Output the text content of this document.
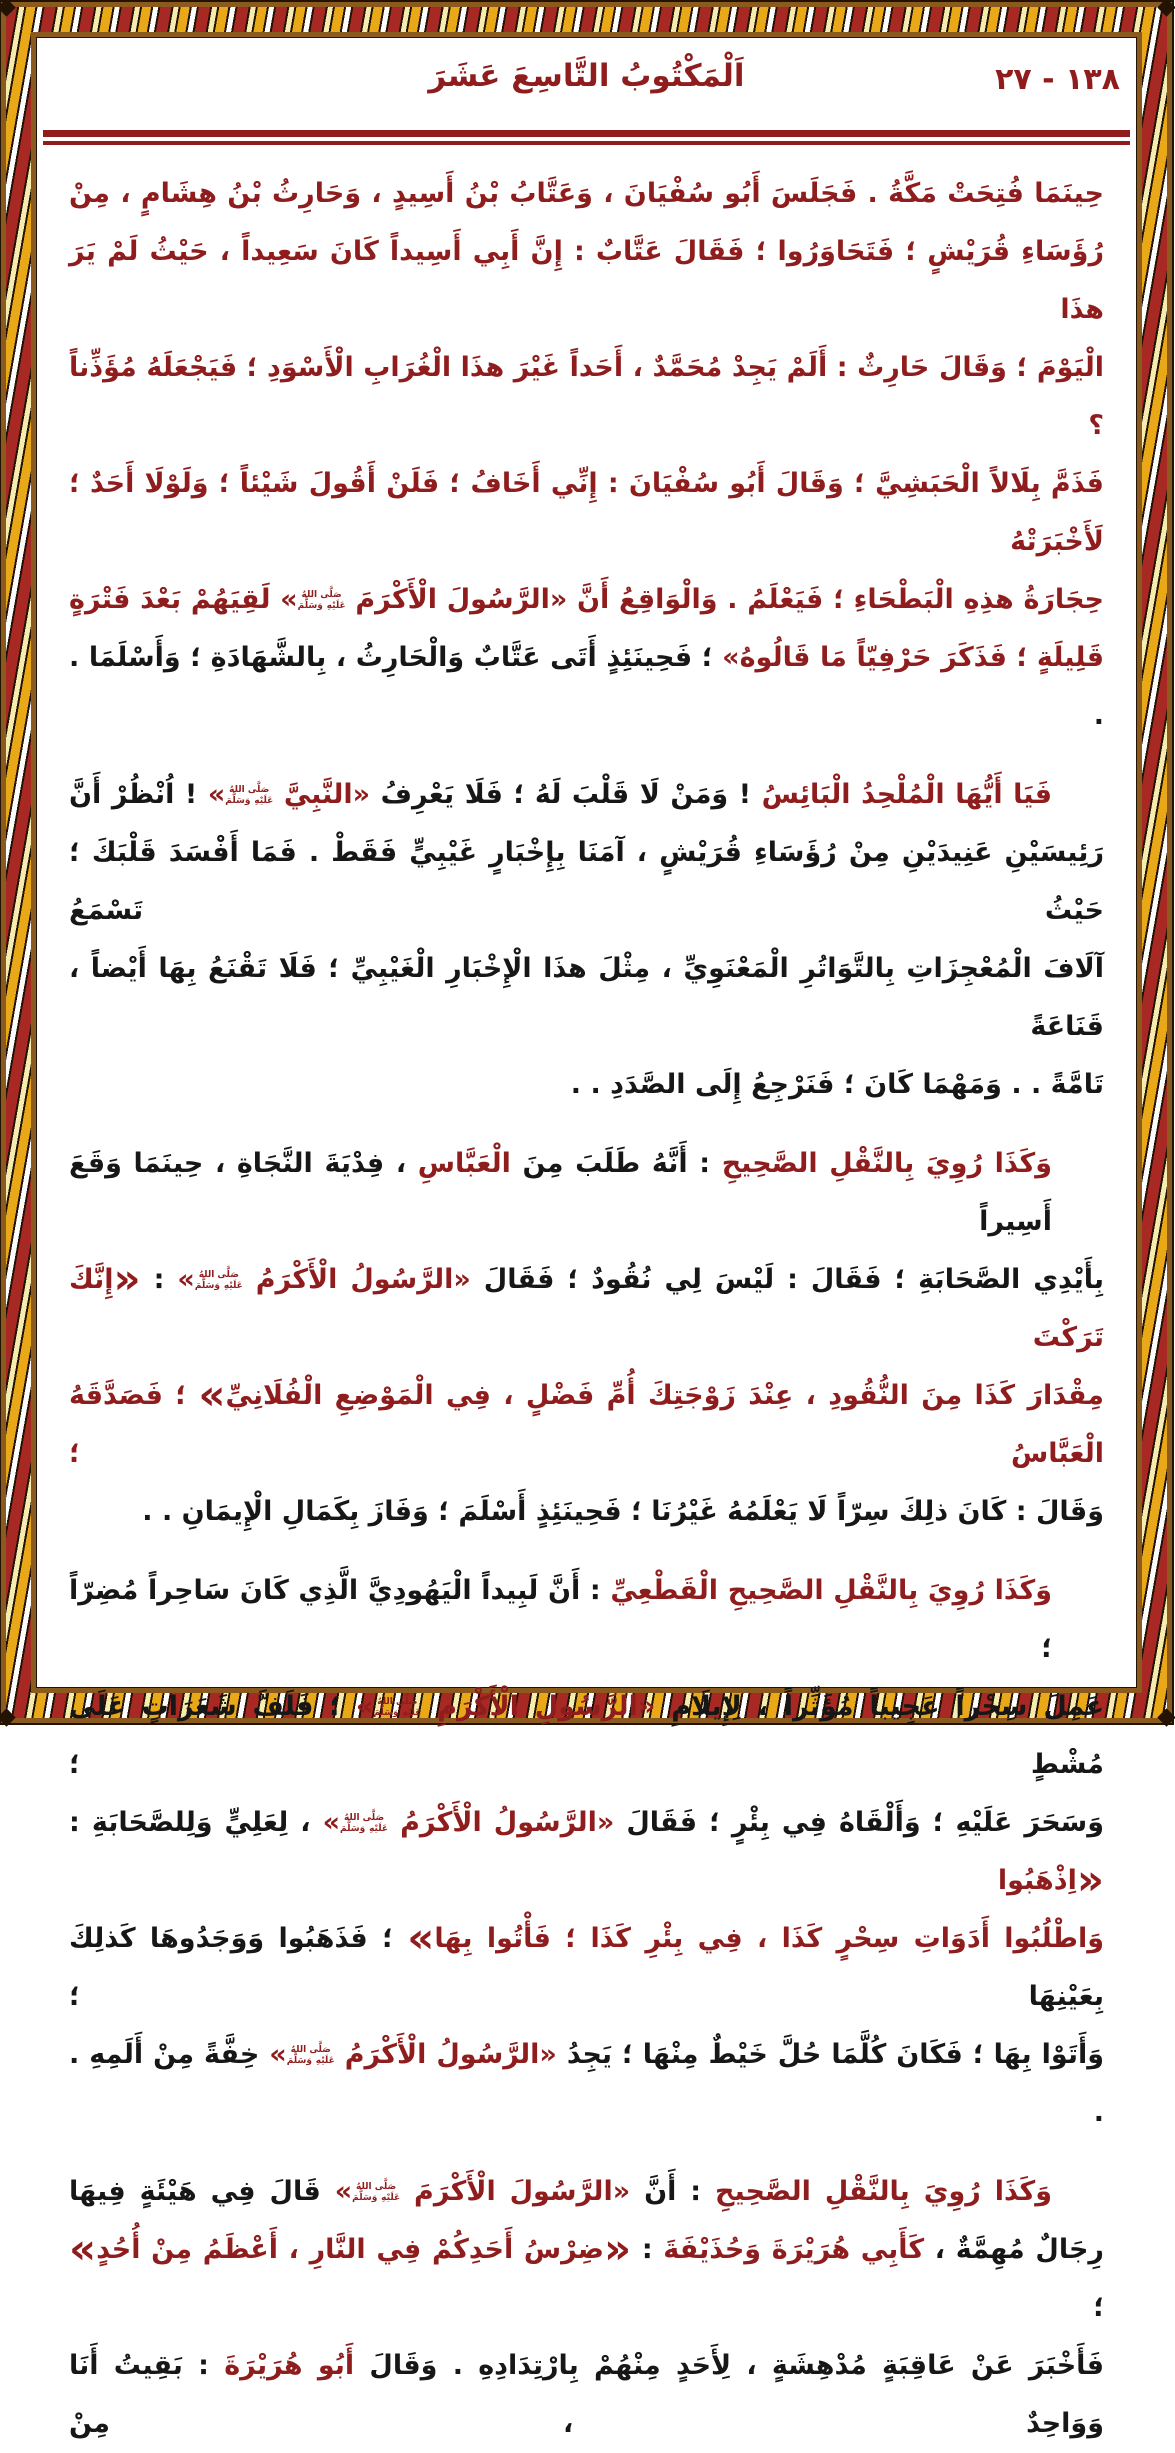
١٣٨ - ٢٧
اَلْمَكْتُوبُ التَّاسِعَ عَشَرَ
حِينَمَا فُتِحَتْ مَكَّةُ . فَجَلَسَ أَبُو سُفْيَانَ ، وَعَتَّابُ بْنُ أَسِيدٍ ، وَحَارِثُ بْنُ هِشَامٍ ، مِنْ
رُؤَسَاءِ قُرَيْشٍ ؛ فَتَحَاوَرُوا ؛ فَقَالَ عَتَّابٌ : إِنَّ أَبِي أَسِيداً كَانَ سَعِيداً ، حَيْثُ لَمْ يَرَ هذَا
الْيَوْمَ ؛ وَقَالَ حَارِثٌ : أَلَمْ يَجِدْ مُحَمَّدٌ ، أَحَداً غَيْرَ هذَا الْغُرَابِ الْأَسْوَدِ ؛ فَيَجْعَلَهُ مُؤَذِّناً ؟
فَذَمَّ بِلَالاً الْحَبَشِيَّ ؛ وَقَالَ أَبُو سُفْيَانَ : إِنِّي أَخَافُ ؛ فَلَنْ أَقُولَ شَيْئاً ؛ وَلَوْلَا أَحَدٌ ؛ لَأَخْبَرَتْهُ
حِجَارَةُ هذِهِ الْبَطْحَاءِ ؛ فَيَعْلَمُ . وَالْوَاقِعُ أَنَّ «الرَّسُولَ الْأَكْرَمَ صَلَّى اللهُ عَلَيْهِ وَسَلَّمَ» لَقِيَهُمْ بَعْدَ فَتْرَةٍ
قَلِيلَةٍ ؛ فَذَكَرَ حَرْفِيّاً مَا قَالُوهُ» ؛ فَحِينَئِذٍ أَتَى عَتَّابٌ وَالْحَارِثُ ، بِالشَّهَادَةِ ؛ وَأَسْلَمَا . .
فَيَا أَيُّهَا الْمُلْحِدُ الْبَائِسُ ! وَمَنْ لَا قَلْبَ لَهُ ؛ فَلَا يَعْرِفُ «النَّبِيَّ صَلَّى اللهُ عَلَيْهِ وَسَلَّمَ» ! اُنْظُرْ أَنَّ
رَئِيسَيْنِ عَنِيدَيْنِ مِنْ رُؤَسَاءِ قُرَيْشٍ ، آمَنَا بِإِخْبَارٍ غَيْبِيٍّ فَقَطْ . فَمَا أَفْسَدَ قَلْبَكَ ؛ حَيْثُ تَسْمَعُ
آلَافَ الْمُعْجِزَاتِ بِالتَّوَاتُرِ الْمَعْنَوِيِّ ، مِثْلَ هذَا الْإِخْبَارِ الْغَيْبِيِّ ؛ فَلَا تَقْنَعُ بِهَا أَيْضاً ، قَنَاعَةً
تَامَّةً . . وَمَهْمَا كَانَ ؛ فَنَرْجِعُ إِلَى الصَّدَدِ . .
وَكَذَا رُوِيَ بِالنَّقْلِ الصَّحِيحِ : أَنَّهُ طَلَبَ مِنَ الْعَبَّاسِ ، فِدْيَةَ النَّجَاةِ ، حِينَمَا وَقَعَ أَسِيراً
بِأَيْدِي الصَّحَابَةِ ؛ فَقَالَ : لَيْسَ لِي نُقُودٌ ؛ فَقَالَ «الرَّسُولُ الْأَكْرَمُ صَلَّى اللهُ عَلَيْهِ وَسَلَّمَ» : «إِنَّكَ تَرَكْتَ
مِقْدَارَ كَذَا مِنَ النُّقُودِ ، عِنْدَ زَوْجَتِكَ أُمِّ فَضْلٍ ، فِي الْمَوْضِعِ الْفُلَانِيِّ» ؛ فَصَدَّقَهُ الْعَبَّاسُ ؛
وَقَالَ : كَانَ ذلِكَ سِرّاً لَا يَعْلَمُهُ غَيْرُنَا ؛ فَحِينَئِذٍ أَسْلَمَ ؛ وَفَازَ بِكَمَالِ الْإِيمَانِ . .
وَكَذَا رُوِيَ بِالنَّقْلِ الصَّحِيحِ الْقَطْعِيِّ : أَنَّ لَبِيداً الْيَهُودِيَّ الَّذِي كَانَ سَاحِراً مُضِرّاً ؛
عَمِلَ سِحْراً عَجِيباً مُؤَثِّراً ، لِإِيلَامِ «الرَّسُولِ الْأَكْرَمِ صَلَّى اللهُ عَلَيْهِ وَسَلَّمَ» ؛ فَلَفَّ شَعَرَاتٍ عَلَى مُشْطٍ ؛
وَسَحَرَ عَلَيْهِ ؛ وَأَلْقَاهُ فِي بِئْرٍ ؛ فَقَالَ «الرَّسُولُ الْأَكْرَمُ صَلَّى اللهُ عَلَيْهِ وَسَلَّمَ» ، لِعَلِيٍّ وَلِلصَّحَابَةِ : «اِذْهَبُوا
وَاطْلُبُوا أَدَوَاتِ سِحْرٍ كَذَا ، فِي بِئْرِ كَذَا ؛ فَأْتُوا بِهَا» ؛ فَذَهَبُوا وَوَجَدُوهَا كَذلِكَ بِعَيْنِهَا ؛
وَأَتَوْا بِهَا ؛ فَكَانَ كُلَّمَا حُلَّ خَيْطٌ مِنْهَا ؛ يَجِدُ «الرَّسُولُ الْأَكْرَمُ صَلَّى اللهُ عَلَيْهِ وَسَلَّمَ» خِفَّةً مِنْ أَلَمِهِ . .
وَكَذَا رُوِيَ بِالنَّقْلِ الصَّحِيحِ : أَنَّ «الرَّسُولَ الْأَكْرَمَ صَلَّى اللهُ عَلَيْهِ وَسَلَّمَ» قَالَ فِي هَيْئَةٍ فِيهَا
رِجَالٌ مُهِمَّةٌ ، كَأَبِي هُرَيْرَةَ وَحُذَيْفَةَ : «ضِرْسُ أَحَدِكُمْ فِي النَّارِ ، أَعْظَمُ مِنْ أُحُدٍ» ؛
فَأَخْبَرَ عَنْ عَاقِبَةٍ مُدْهِشَةٍ ، لِأَحَدٍ مِنْهُمْ بِارْتِدَادِهِ . وَقَالَ أَبُو هُرَيْرَةَ : بَقِيتُ أَنَا وَوَاحِدٌ ، مِنْ
